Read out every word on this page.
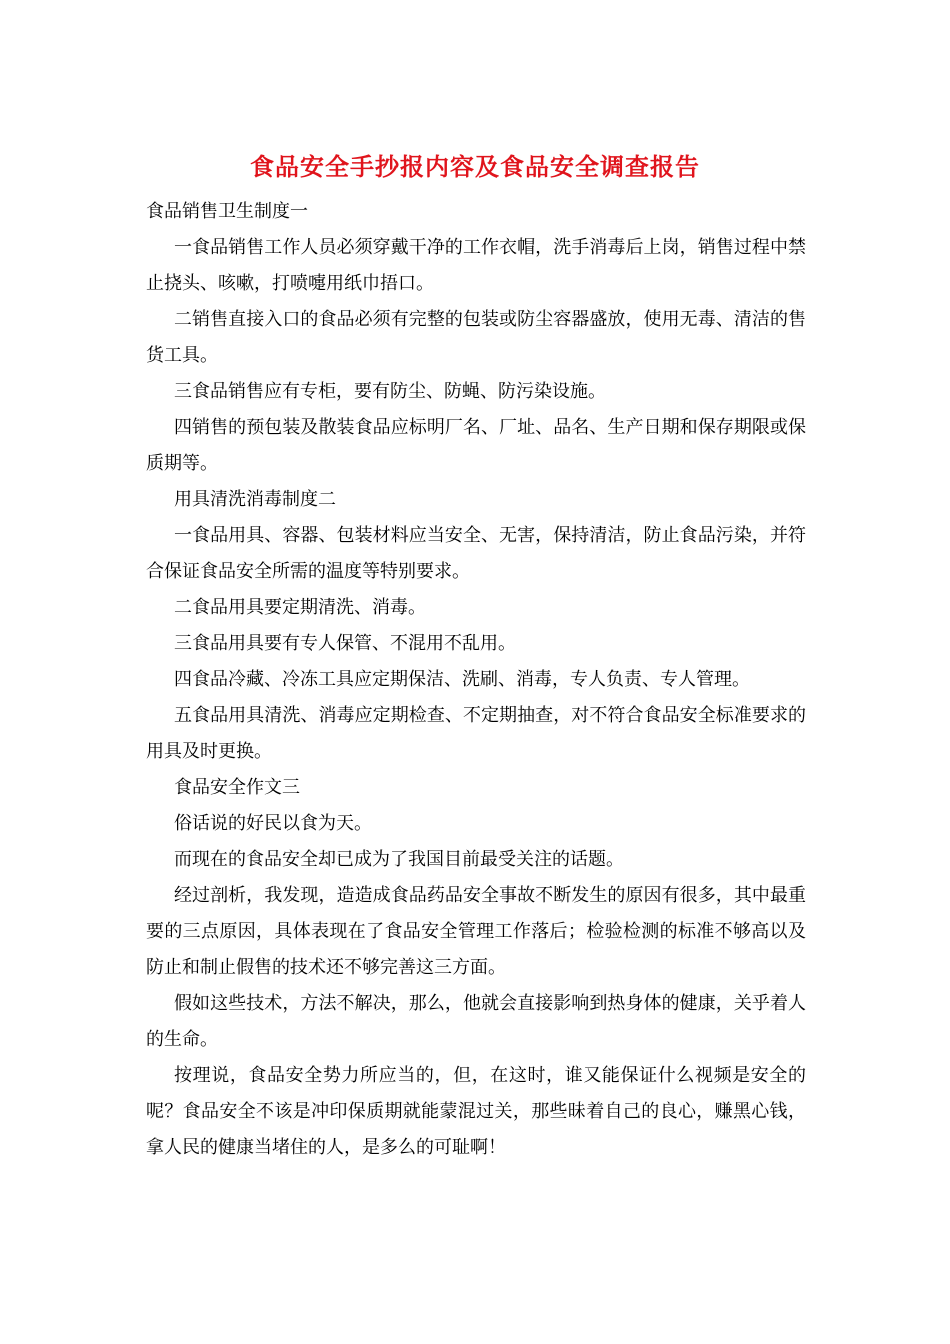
食品安全手抄报内容及食品安全调查报告

食品销售卫生制度一

一食品销售工作人员必须穿戴干净的工作衣帽，洗手消毒后上岗，销售过程中禁止挠头、咳嗽，打喷嚏用纸巾捂口。

二销售直接入口的食品必须有完整的包装或防尘容器盛放，使用无毒、清洁的售货工具。

三食品销售应有专柜，要有防尘、防蝇、防污染设施。

四销售的预包装及散装食品应标明厂名、厂址、品名、生产日期和保存期限或保质期等。

用具清洗消毒制度二

一食品用具、容器、包装材料应当安全、无害，保持清洁，防止食品污染，并符合保证食品安全所需的温度等特别要求。

二食品用具要定期清洗、消毒。

三食品用具要有专人保管、不混用不乱用。

四食品冷藏、冷冻工具应定期保洁、洗刷、消毒，专人负责、专人管理。

五食品用具清洗、消毒应定期检查、不定期抽查，对不符合食品安全标准要求的用具及时更换。

食品安全作文三

俗话说的好民以食为天。

而现在的食品安全却已成为了我国目前最受关注的话题。

经过剖析，我发现，造造成食品药品安全事故不断发生的原因有很多，其中最重要的三点原因，具体表现在了食品安全管理工作落后；检验检测的标准不够高以及防止和制止假售的技术还不够完善这三方面。

假如这些技术，方法不解决，那么，他就会直接影响到热身体的健康，关乎着人的生命。

按理说，食品安全势力所应当的，但，在这时，谁又能保证什么视频是安全的呢？食品安全不该是冲印保质期就能蒙混过关，那些昧着自己的良心，赚黑心钱，拿人民的健康当堵住的人，是多么的可耻啊！
